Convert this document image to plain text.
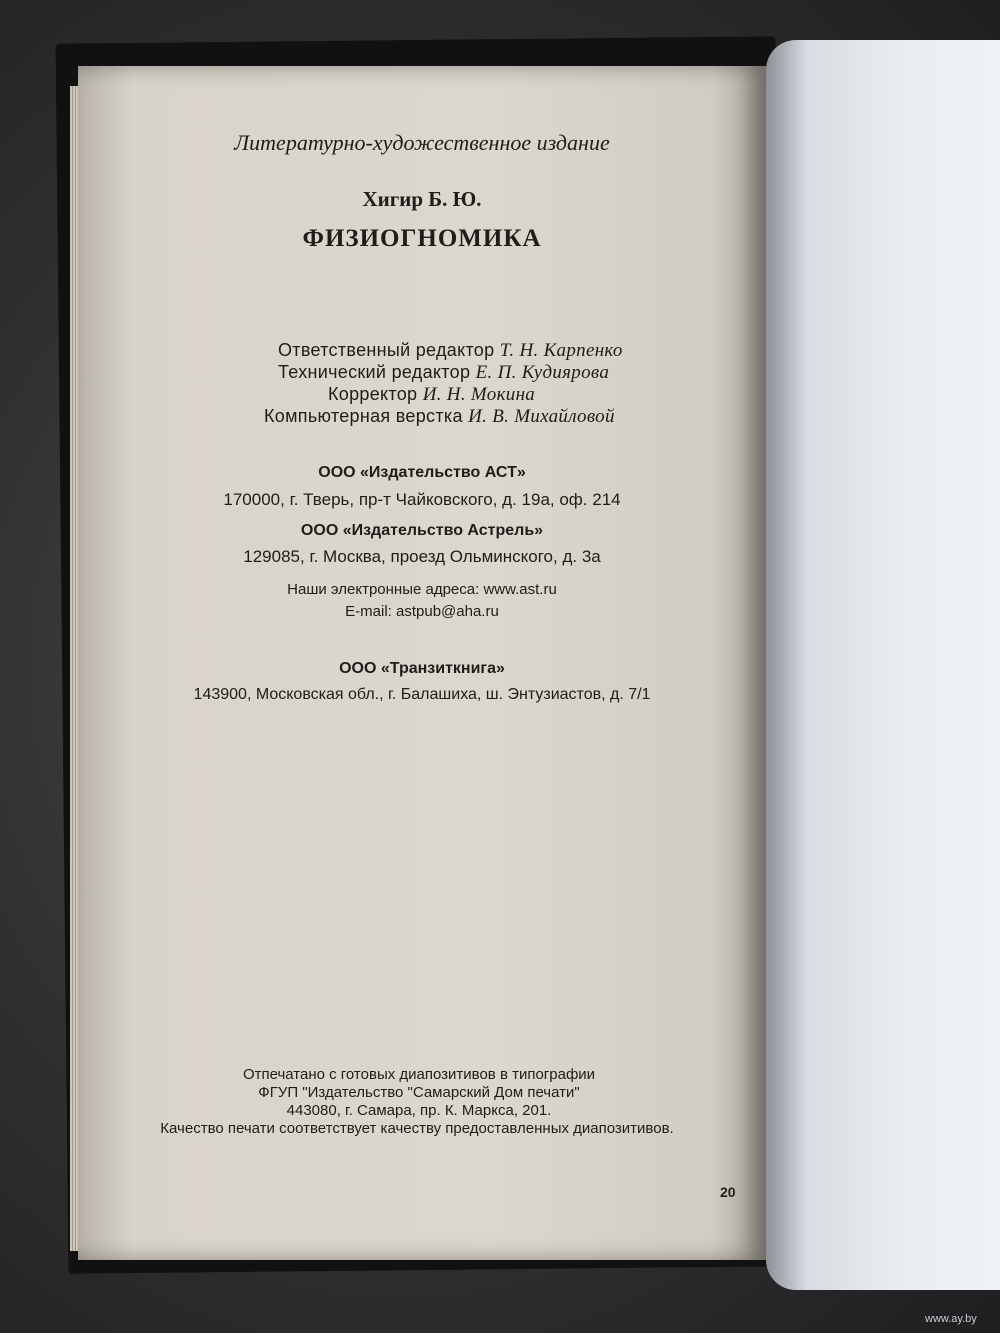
Литературно-художественное издание
Хигир Б. Ю.
ФИЗИОГНОМИКА
Ответственный редактор Т. Н. Карпенко
Технический редактор Е. П. Кудиярова
Корректор И. Н. Мокина
Компьютерная верстка И. В. Михайловой
ООО «Издательство АСТ»
170000, г. Тверь, пр-т Чайковского, д. 19а, оф. 214
ООО «Издательство Астрель»
129085, г. Москва, проезд Ольминского, д. 3а
Наши электронные адреса: www.ast.ru
E-mail: astpub@aha.ru
ООО «Транзиткнига»
143900, Московская обл., г. Балашиха, ш. Энтузиастов, д. 7/1
Отпечатано с готовых диапозитивов в типографии
ФГУП "Издательство "Самарский Дом печати"
443080, г. Самара, пр. К. Маркса, 201.
Качество печати соответствует качеству предоставленных диапозитивов.
20
www.ay.by
